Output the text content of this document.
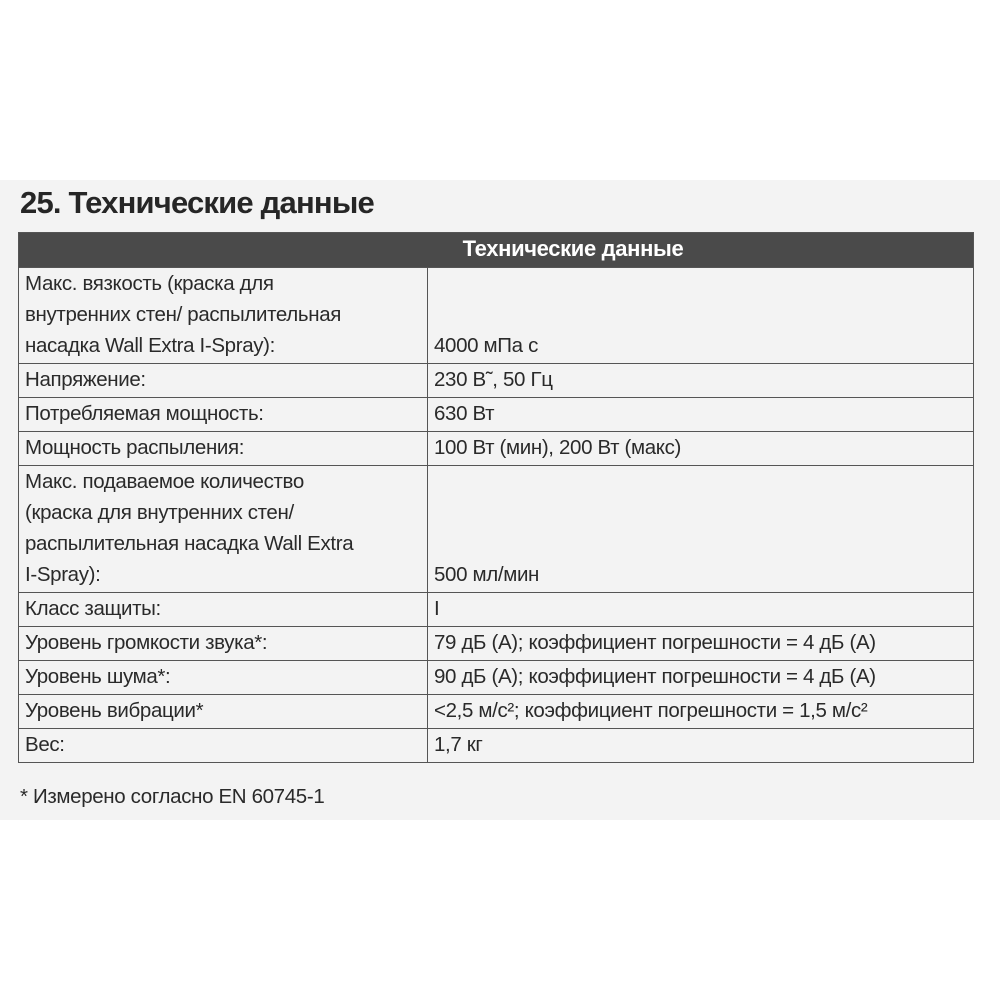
25. Технические данные
Технические данные	
Макс. вязкость (краска для
внутренних стен/ распылительная
насадка Wall Extra I-Spray):	4000 мПа с
Напряжение:	230 В˜, 50 Гц
Потребляемая мощность:	630 Вт
Мощность распыления:	100 Вт (мин), 200 Вт (макс)
Макс. подаваемое количество
(краска для внутренних стен/
распылительная насадка Wall Extra
I-Spray):	500 мл/мин
Класс защиты:	I
Уровень громкости звука*:	79 дБ (А); коэффициент погрешности = 4 дБ (А)
Уровень шума*:	90 дБ (А); коэффициент погрешности = 4 дБ (А)
Уровень вибрации*	<2,5 м/с²; коэффициент погрешности = 1,5 м/с²
Вес:	1,7 кг
* Измерено согласно EN 60745-1
